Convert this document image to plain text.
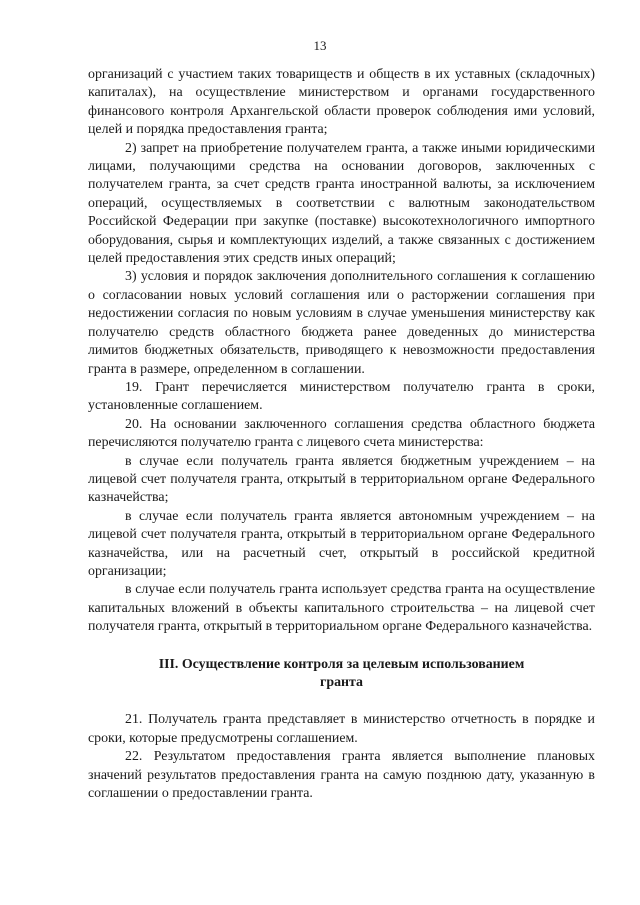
13

организаций с участием таких товариществ и обществ в их уставных (складочных) капиталах), на осуществление министерством и органами государственного финансового контроля Архангельской области проверок соблюдения ими условий, целей и порядка предоставления гранта;

2) запрет на приобретение получателем гранта, а также иными юридическими лицами, получающими средства на основании договоров, заключенных с получателем гранта, за счет средств гранта иностранной валюты, за исключением операций, осуществляемых в соответствии с валютным законодательством Российской Федерации при закупке (поставке) высокотехнологичного импортного оборудования, сырья и комплектующих изделий, а также связанных с достижением целей предоставления этих средств иных операций;

3) условия и порядок заключения дополнительного соглашения к соглашению о согласовании новых условий соглашения или о расторжении соглашения при недостижении согласия по новым условиям в случае уменьшения министерству как получателю средств областного бюджета ранее доведенных до министерства лимитов бюджетных обязательств, приводящего к невозможности предоставления гранта в размере, определенном в соглашении.

19. Грант перечисляется министерством получателю гранта в сроки, установленные соглашением.

20. На основании заключенного соглашения средства областного бюджета перечисляются получателю гранта с лицевого счета министерства:

в случае если получатель гранта является бюджетным учреждением – на лицевой счет получателя гранта, открытый в территориальном органе Федерального казначейства;

в случае если получатель гранта является автономным учреждением – на лицевой счет получателя гранта, открытый в территориальном органе Федерального казначейства, или на расчетный счет, открытый в российской кредитной организации;

в случае если получатель гранта использует средства гранта на осуществление капитальных вложений в объекты капитального строительства – на лицевой счет получателя гранта, открытый в территориальном органе Федерального казначейства.

III. Осуществление контроля за целевым использованием гранта

21. Получатель гранта представляет в министерство отчетность в порядке и сроки, которые предусмотрены соглашением.

22. Результатом предоставления гранта является выполнение плановых значений результатов предоставления гранта на самую позднюю дату, указанную в соглашении о предоставлении гранта.
